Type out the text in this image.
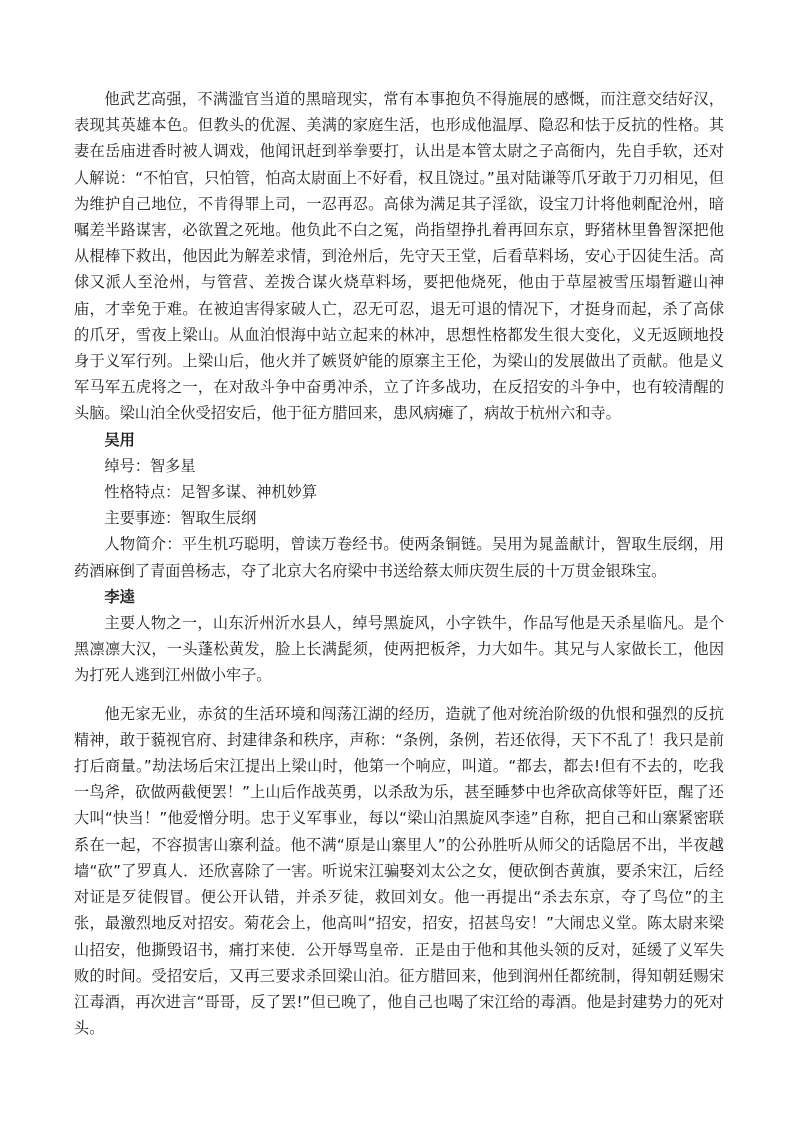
他武艺高强，不满滥官当道的黑暗现实，常有本事抱负不得施展的感慨，而注意交结好汉，表现其英雄本色。但教头的优渥、美满的家庭生活，也形成他温厚、隐忍和怯于反抗的性格。其妻在岳庙进香时被人调戏，他闻讯赶到举拳要打，认出是本管太尉之子高衙内，先自手软，还对人解说：“不怕官，只怕管，怕高太尉面上不好看，权且饶过。”虽对陆谦等爪牙敢于刀刃相见，但为维护自己地位，不肯得罪上司，一忍再忍。高俅为满足其子淫欲，设宝刀计将他刺配沧州，暗嘱差半路谋害，必欲置之死地。他负此不白之冤，尚指望挣扎着再回东京，野猪林里鲁智深把他从棍棒下救出，他因此为解差求情，到沧州后，先守天王堂，后看草料场，安心于囚徒生活。高俅又派人至沧州，与管营、差拨合谋火烧草料场，要把他烧死，他由于草屋被雪压塌暂避山神庙，才幸免于难。在被迫害得家破人亡，忍无可忍，退无可退的情况下，才挺身而起，杀了高俅的爪牙，雪夜上梁山。从血泊恨海中站立起来的林冲，思想性格都发生很大变化，义无返顾地投身于义军行列。上梁山后，他火并了嫉贤妒能的原寨主王伦，为梁山的发展做出了贡献。他是义军马军五虎将之一，在对敌斗争中奋勇冲杀，立了许多战功，在反招安的斗争中，也有较清醒的头脑。梁山泊全伙受招安后，他于征方腊回来，患风病瘫了，病故于杭州六和寺。

吴用

绰号：智多星

性格特点：足智多谋、神机妙算

主要事迹：智取生辰纲

人物简介：平生机巧聪明，曾读万卷经书。使两条铜链。吴用为晁盖献计，智取生辰纲，用药酒麻倒了青面兽杨志，夺了北京大名府梁中书送给蔡太师庆贺生辰的十万贯金银珠宝。

李逵

主要人物之一，山东沂州沂水县人，绰号黑旋风，小字铁牛，作品写他是天杀星临凡。是个黑凛凛大汉，一头蓬松黄发，脸上长满髭须，使两把板斧，力大如牛。其兄与人家做长工，他因为打死人逃到江州做小牢子。

他无家无业，赤贫的生活环境和闯荡江湖的经历，造就了他对统治阶级的仇恨和强烈的反抗精神，敢于藐视官府、封建律条和秩序，声称：“条例，条例，若还依得，天下不乱了！我只是前打后商量。”劫法场后宋江提出上梁山时，他第一个响应，叫道。“都去，都去!但有不去的，吃我一鸟斧，砍做两截便罢！”上山后作战英勇，以杀敌为乐，甚至睡梦中也斧砍高俅等奸臣，醒了还大叫“快当！”他爱憎分明。忠于义军事业，每以“梁山泊黑旋风李逵”自称，把自己和山寨紧密联系在一起，不容损害山寨利益。他不满“原是山寨里人”的公孙胜听从师父的话隐居不出，半夜越墙“砍”了罗真人．还欣喜除了一害。听说宋江骗娶刘太公之女，便砍倒杏黄旗，要杀宋江，后经对证是歹徒假冒。便公开认错，并杀歹徒，救回刘女。他一再提出“杀去东京，夺了鸟位”的主张，最激烈地反对招安。菊花会上，他高叫“招安，招安，招甚鸟安！”大闹忠义堂。陈太尉来梁山招安，他撕毁诏书，痛打来使．公开辱骂皇帝．正是由于他和其他头领的反对，延缓了义军失败的时间。受招安后，又再三要求杀回梁山泊。征方腊回来，他到润州任都统制，得知朝廷赐宋江毒酒，再次进言“哥哥，反了罢!”但已晚了，他自己也喝了宋江给的毒酒。他是封建势力的死对头。
